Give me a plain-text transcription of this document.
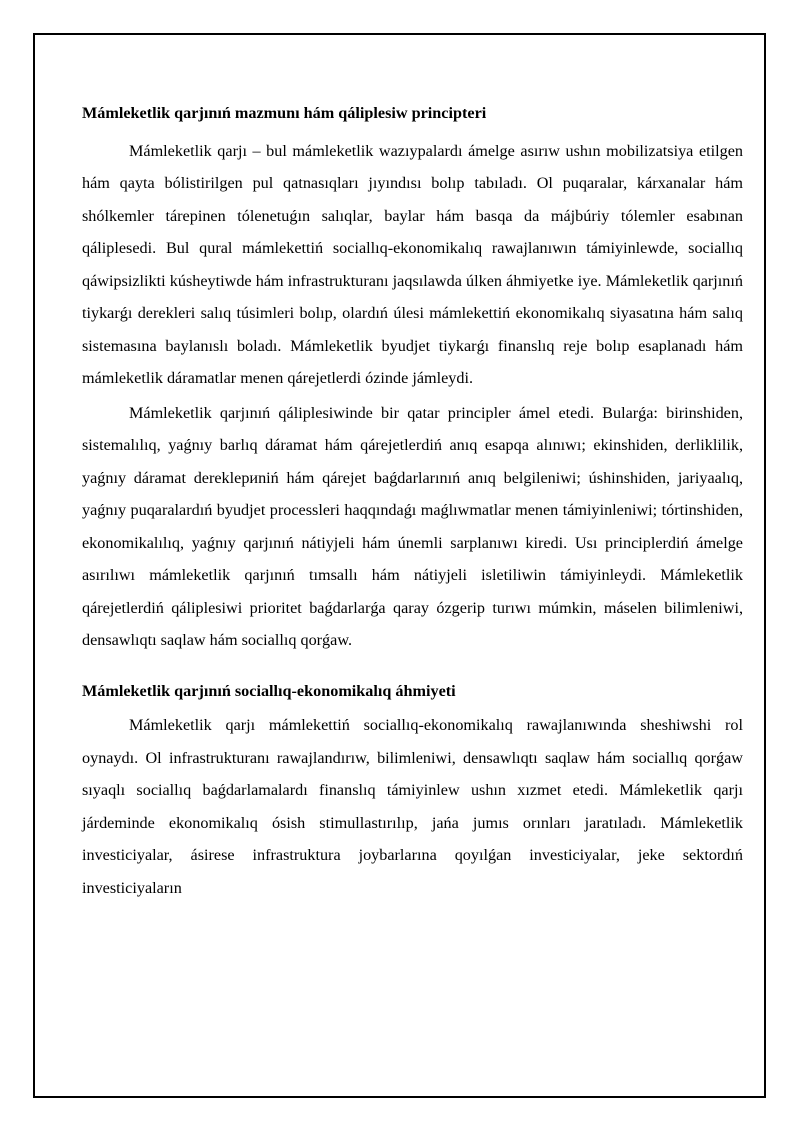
Mámleketlik qarjınıń mazmunı hám qáliplesiw principteri

Mámleketlik qarjı – bul mámleketlik wazıypalardı ámelge asırıw ushın mobilizatsiya etilgen hám qayta bólistirilgen pul qatnasıqları jıyındısı bolıp tabıladı. Ol puqaralar, kárxanalar hám shólkemler tárepinen tólenetuǵın salıqlar, baylar hám basqa da májbúriy tólemler esabınan qáliplesedi. Bul qural mámlekettiń sociallıq-ekonomikalıq rawajlanıwın támiyinlewde, sociallıq qáwipsizlikti kúsheytiwde hám infrastrukturanı jaqsılawda úlken áhmiyetke iye. Mámleketlik qarjınıń tiykarǵı derekleri salıq túsimleri bolıp, olardıń úlesi mámlekettiń ekonomikalıq siyasatına hám salıq sistemasına baylanıslı boladı. Mámleketlik byudjet tiykarǵı finanslıq reje bolıp esaplanadı hám mámleketlik dáramatlar menen qárejetlerdi ózinde jámleydi.

Mámleketlik qarjınıń qáliplesiwinde bir qatar principler ámel etedi. Bularǵa: birinshiden, sistemalılıq, yaǵnıy barlıq dáramat hám qárejetlerdiń anıq esapqa alınıwı; ekinshiden, derliklilik, yaǵnıy dáramat dereklериniń hám qárejet baǵdarlarınıń anıq belgileniwi; úshinshiden, jariyaalıq, yaǵnıy puqaralardıń byudjet processleri haqqındaǵı maǵlıwmatlar menen támiyinleniwi; tórtinshiden, ekonomikalılıq, yaǵnıy qarjınıń nátiyjeli hám únemli sarplanıwı kiredi. Usı principlerdiń ámelge asırılıwı mámleketlik qarjınıń tımsallı hám nátiyjeli isletiliwin támiyinleydi. Mámleketlik qárejetlerdiń qáliplesiwi prioritet baǵdarlarǵa qaray ózgerip turıwı múmkin, máselen bilimleniwi, densawlıqtı saqlaw hám sociallıq qorǵaw.

Mámleketlik qarjınıń sociallıq-ekonomikalıq áhmiyeti

Mámleketlik qarjı mámlekettiń sociallıq-ekonomikalıq rawajlanıwında sheshiwshi rol oynaydı. Ol infrastrukturanı rawajlandırıw, bilimleniwi, densawlıqtı saqlaw hám sociallıq qorǵaw sıyaqlı sociallıq baǵdarlamalardı finanslıq támiyinlew ushın xızmet etedi. Mámleketlik qarjı járdeminde ekonomikalıq ósish stimullastırılıp, jańa jumıs orınları jaratıladı. Mámleketlik investiciyalar, ásirese infrastruktura joybarlarına qoyılǵan investiciyalar, jeke sektordıń investiciyaların
